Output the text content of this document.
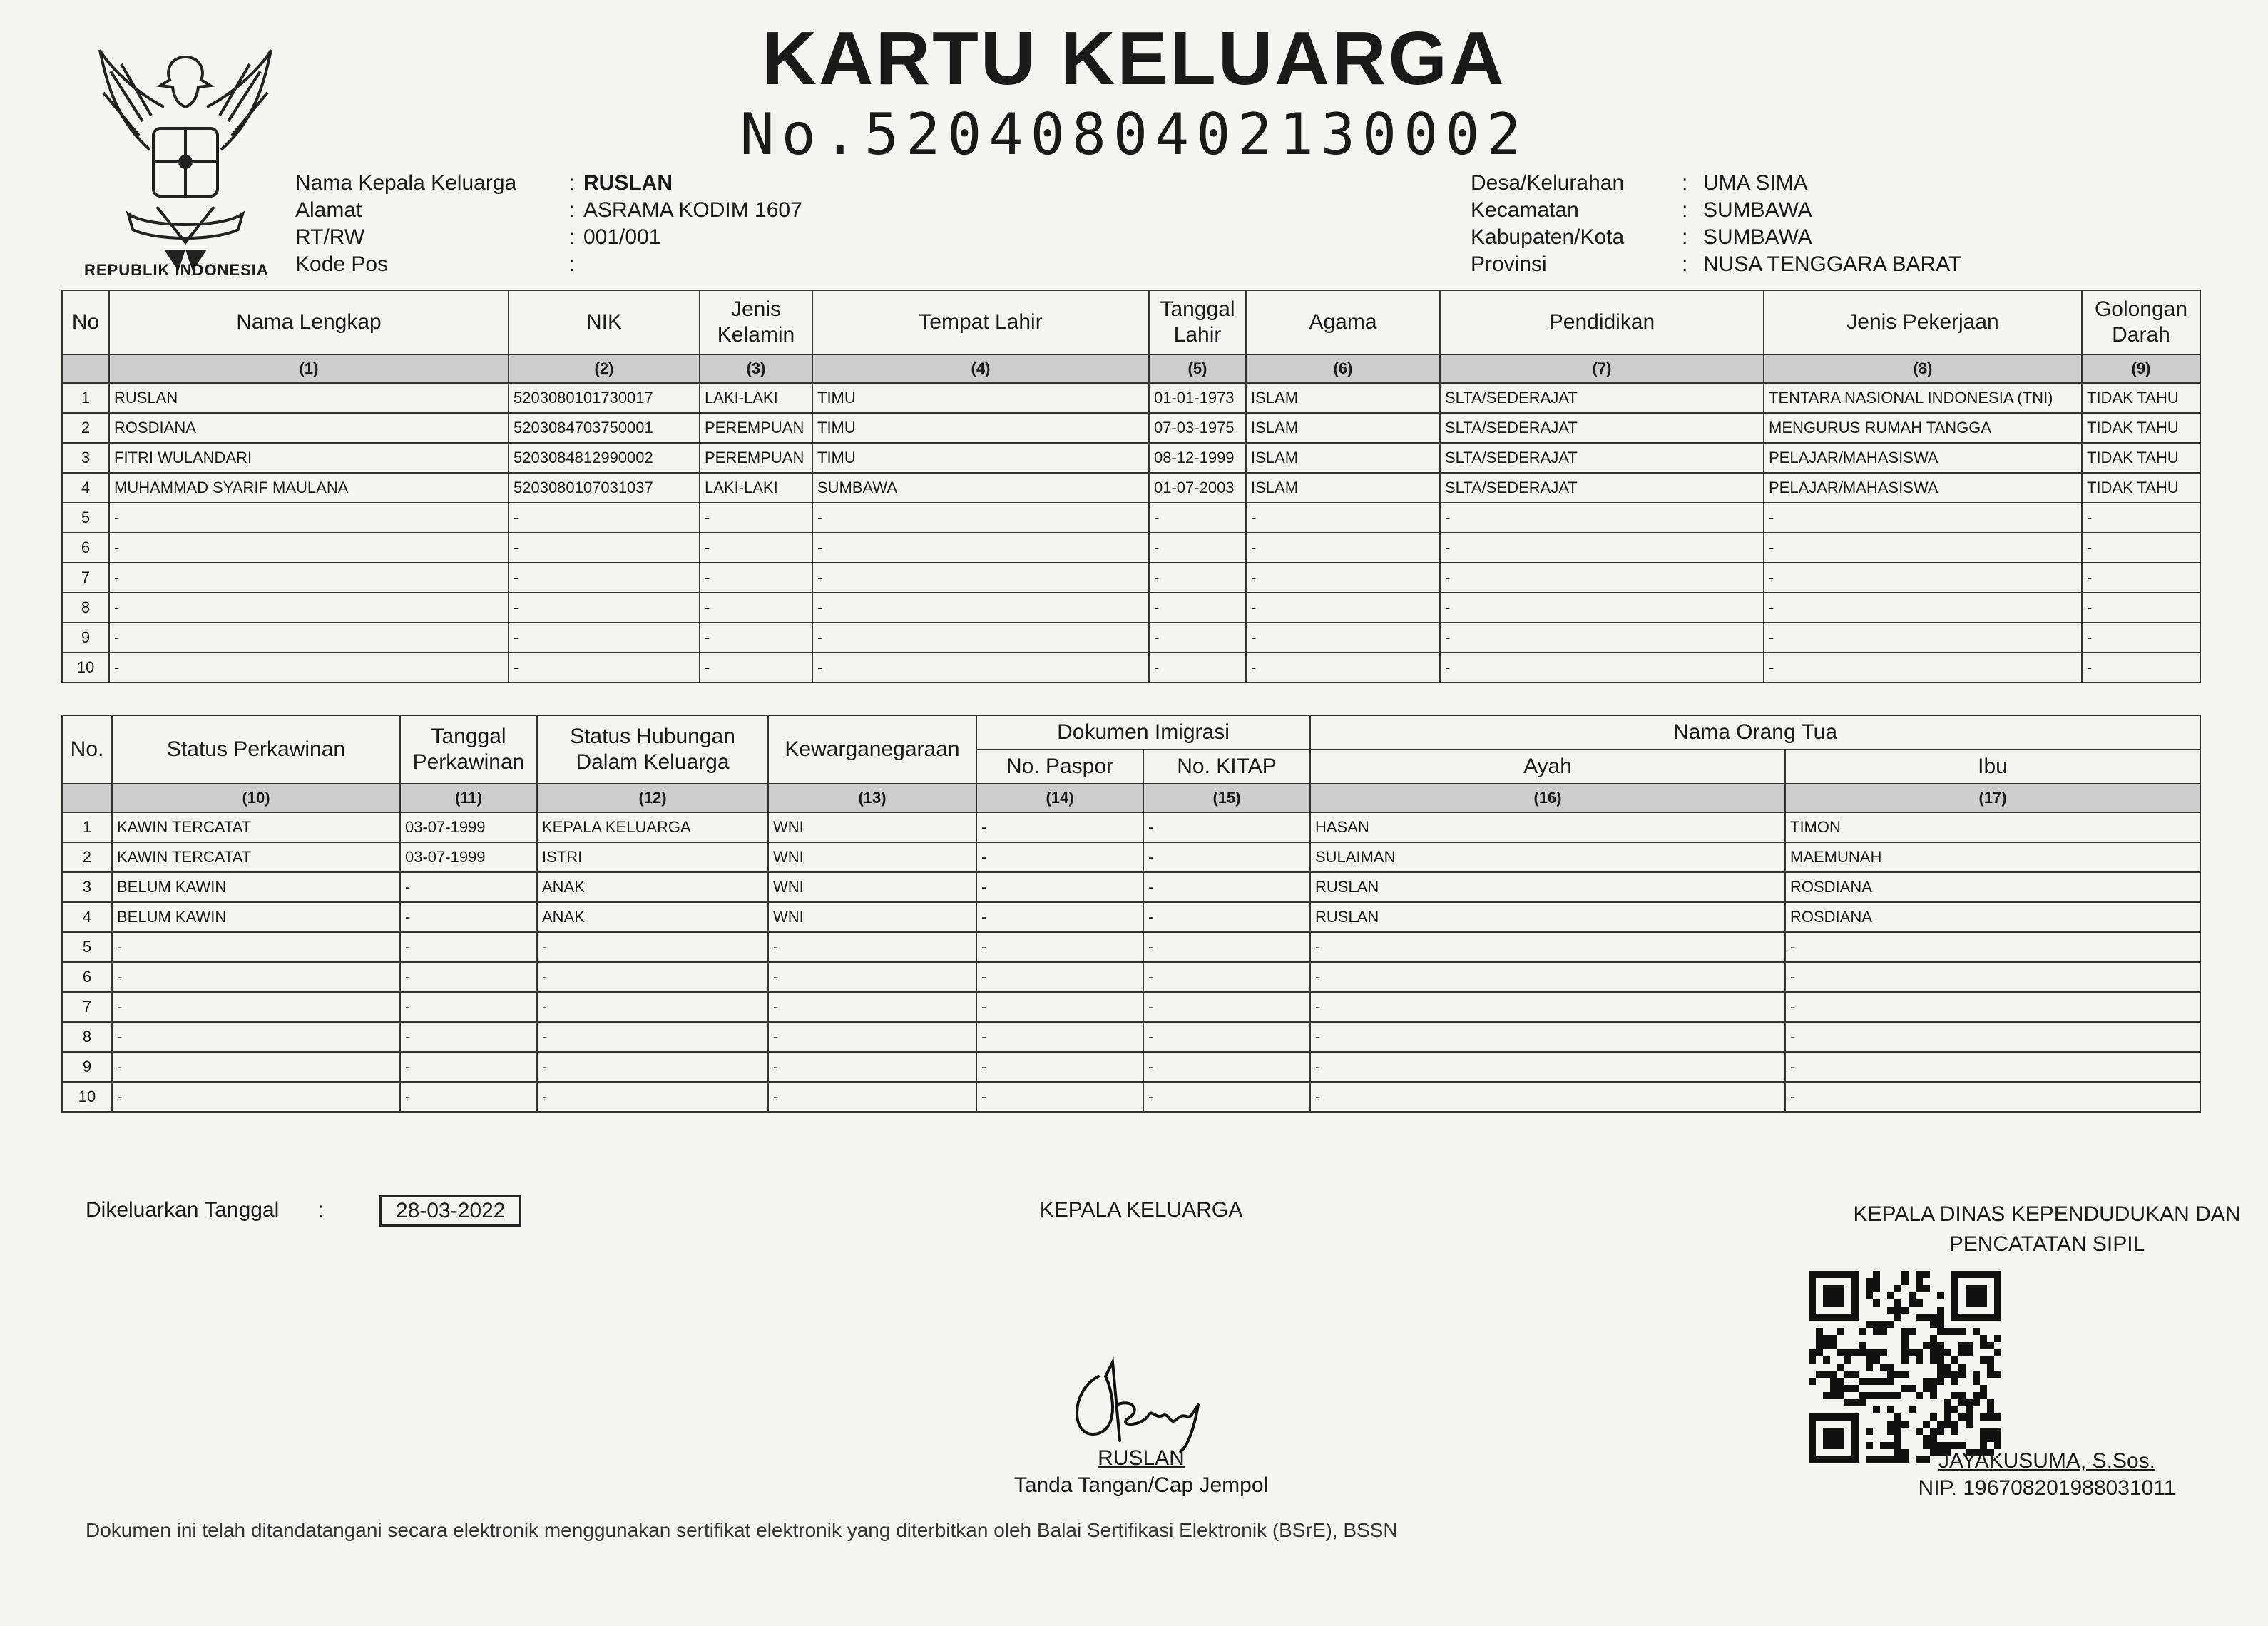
REPUBLIK INDONESIA
KARTU KELUARGA
No.5204080402130002
Nama Kepala Keluarga : RUSLAN
Alamat	: ASRAMA KODIM 1607
RT/RW	: 001/001
Kode Pos	:
Desa/Kelurahan	: UMA SIMA
Kecamatan	: SUMBAWA
Kabupaten/Kota	: SUMBAWA
Provinsi	: NUSA TENGGARA BARAT
No	Nama Lengkap	NIK	Jenis Kelamin	Tempat Lahir	Tanggal Lahir	Agama	Pendidikan	Jenis Pekerjaan	Golongan Darah
	(1)	(2)	(3)	(4)	(5)	(6)	(7)	(8)	(9)
1	RUSLAN	5203080101730017	LAKI-LAKI	TIMU	01-01-1973	ISLAM	SLTA/SEDERAJAT	TENTARA NASIONAL INDONESIA (TNI)	TIDAK TAHU
2	ROSDIANA	5203084703750001	PEREMPUAN	TIMU	07-03-1975	ISLAM	SLTA/SEDERAJAT	MENGURUS RUMAH TANGGA	TIDAK TAHU
3	FITRI WULANDARI	5203084812990002	PEREMPUAN	TIMU	08-12-1999	ISLAM	SLTA/SEDERAJAT	PELAJAR/MAHASISWA	TIDAK TAHU
4	MUHAMMAD SYARIF MAULANA	5203080107031037	LAKI-LAKI	SUMBAWA	01-07-2003	ISLAM	SLTA/SEDERAJAT	PELAJAR/MAHASISWA	TIDAK TAHU
5	-	-	-	-	-	-	-	-	-
6	-	-	-	-	-	-	-	-	-
7	-	-	-	-	-	-	-	-	-
8	-	-	-	-	-	-	-	-	-
9	-	-	-	-	-	-	-	-	-
10	-	-	-	-	-	-	-	-	-
No.	Status Perkawinan	Tanggal Perkawinan	Status Hubungan Dalam Keluarga	Kewarganegaraan	Dokumen Imigrasi		Nama Orang Tua	
					No. Paspor	No. KITAP	Ayah	Ibu
	(10)	(11)	(12)	(13)	(14)	(15)	(16)	(17)
1	KAWIN TERCATAT	03-07-1999	KEPALA KELUARGA	WNI	-	-	HASAN	TIMON
2	KAWIN TERCATAT	03-07-1999	ISTRI	WNI	-	-	SULAIMAN	MAEMUNAH
3	BELUM KAWIN	-	ANAK	WNI	-	-	RUSLAN	ROSDIANA
4	BELUM KAWIN	-	ANAK	WNI	-	-	RUSLAN	ROSDIANA
5	-	-	-	-	-	-	-	-
6	-	-	-	-	-	-	-	-
7	-	-	-	-	-	-	-	-
8	-	-	-	-	-	-	-	-
9	-	-	-	-	-	-	-	-
10	-	-	-	-	-	-	-	-
Dikeluarkan Tanggal :	28-03-2022	KEPALA KELUARGA
RUSLAN
Tanda Tangan/Cap Jempol
KEPALA DINAS KEPENDUDUKAN DAN
PENCATATAN SIPIL
JAYAKUSUMA, S.Sos.
NIP. 196708201988031011
Dokumen ini telah ditandatangani secara elektronik menggunakan sertifikat elektronik yang diterbitkan oleh Balai Sertifikasi Elektronik (BSrE), BSSN
